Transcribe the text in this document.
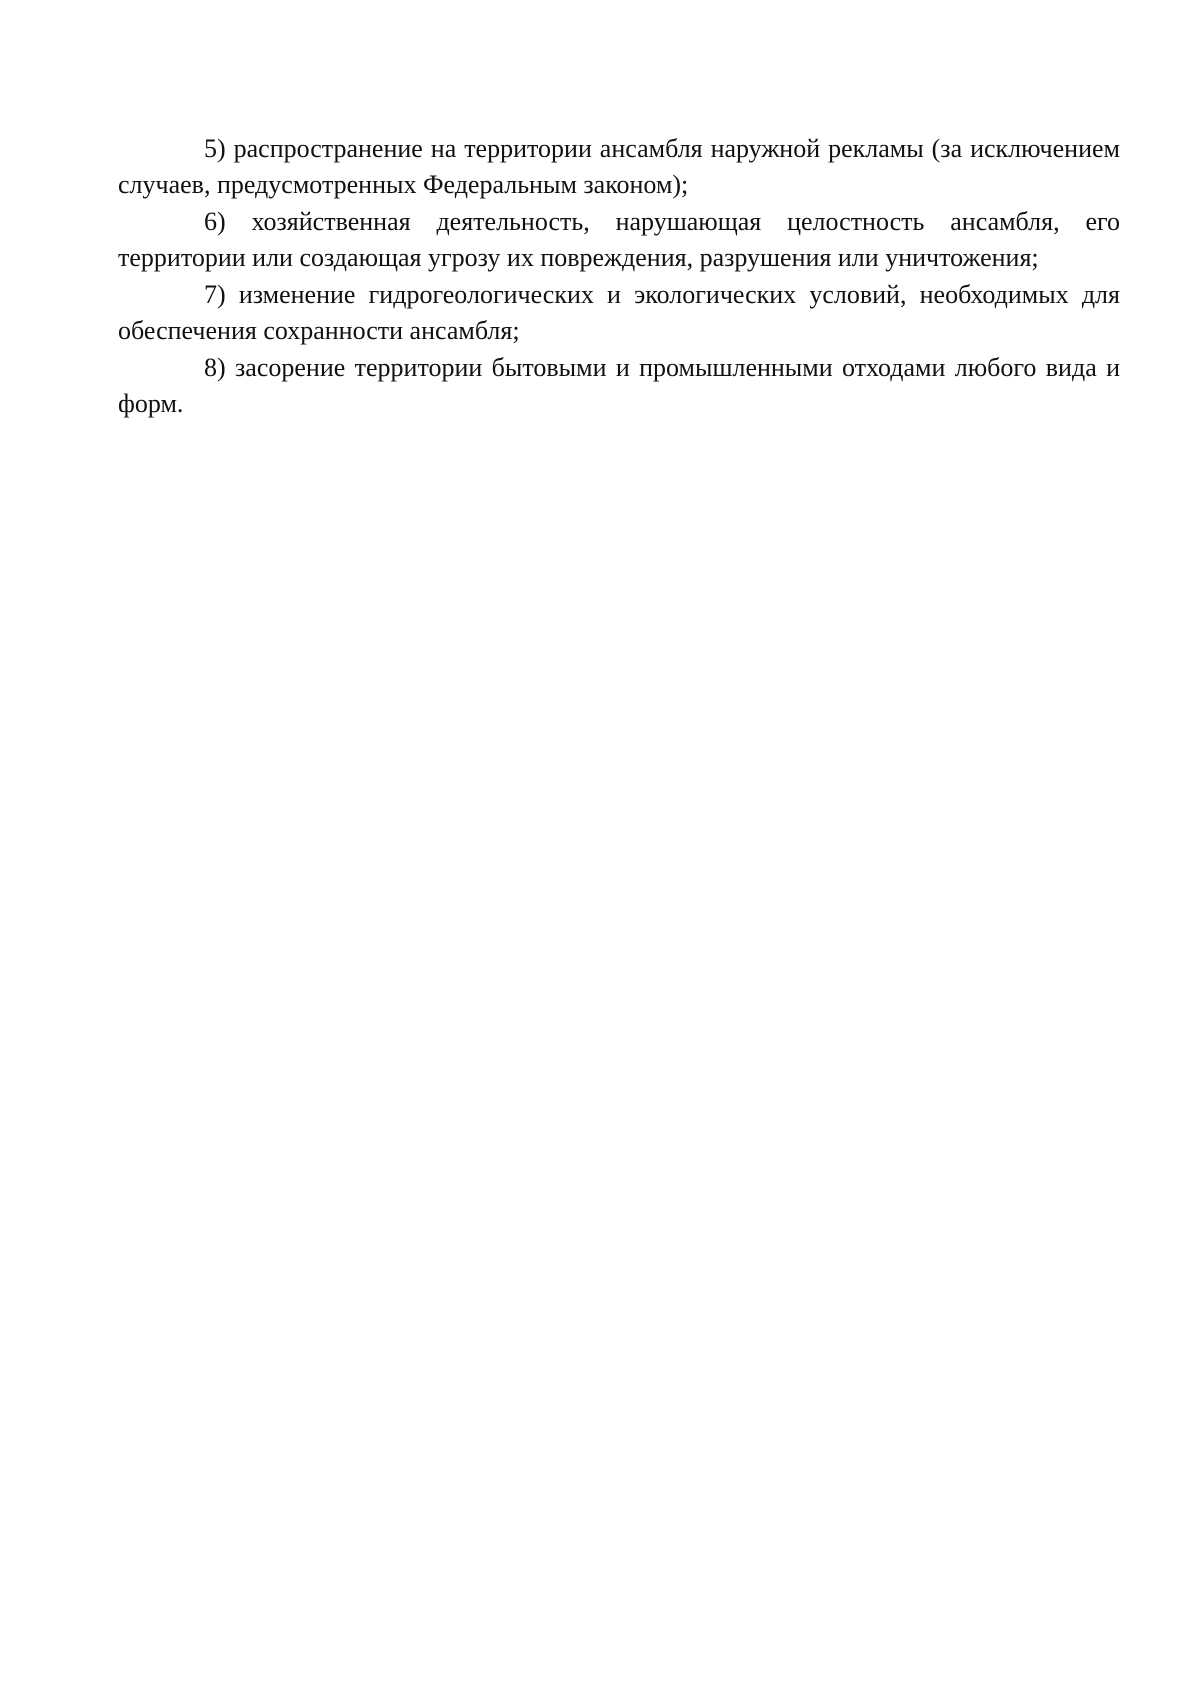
5) распространение на территории ансамбля наружной рекламы (за исключением случаев, предусмотренных Федеральным законом);

6) хозяйственная деятельность, нарушающая целостность ансамбля, его территории или создающая угрозу их повреждения, разрушения или уничтожения;

7) изменение гидрогеологических и экологических условий, необходимых для обеспечения сохранности ансамбля;

8) засорение территории бытовыми и промышленными отходами любого вида и форм.
